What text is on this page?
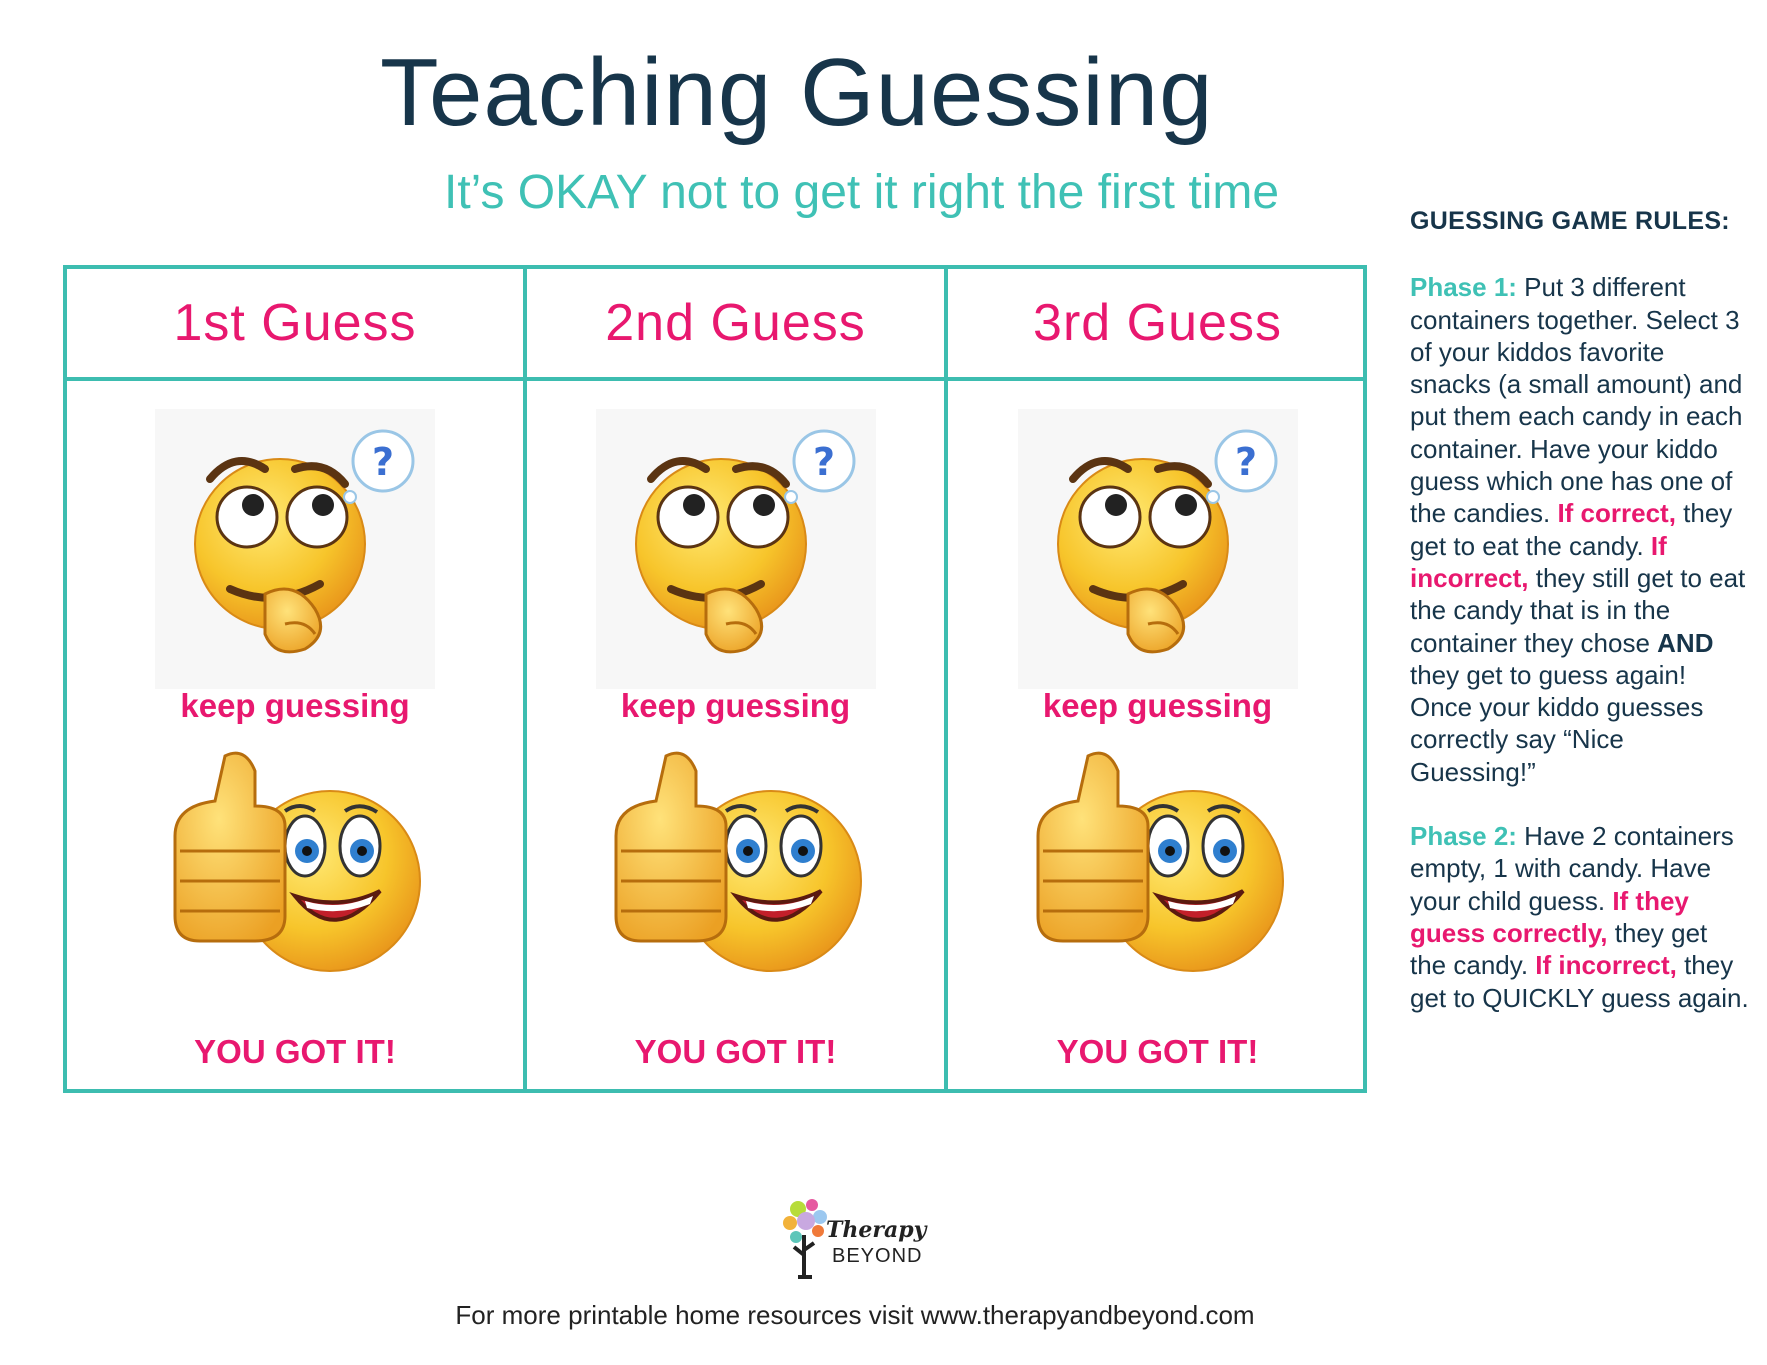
Teaching Guessing
It’s OKAY not to get it right the first time
1st Guess
keep guessing
YOU GOT IT!
2nd Guess
keep guessing
YOU GOT IT!
3rd Guess
keep guessing
YOU GOT IT!
GUESSING GAME RULES:

Phase 1: Put 3 different containers together. Select 3 of your kiddos favorite snacks (a small amount) and put them each candy in each container. Have your kiddo guess which one has one of the candies. If correct, they get to eat the candy. If incorrect, they still get to eat the candy that is in the container they chose AND they get to guess again! Once your kiddo guesses correctly say “Nice Guessing!”

Phase 2: Have 2 containers empty, 1 with candy. Have your child guess. If they guess correctly, they get the candy. If incorrect, they get to QUICKLY guess again.

Therapy
BEYOND
For more printable home resources visit www.therapyandbeyond.com
